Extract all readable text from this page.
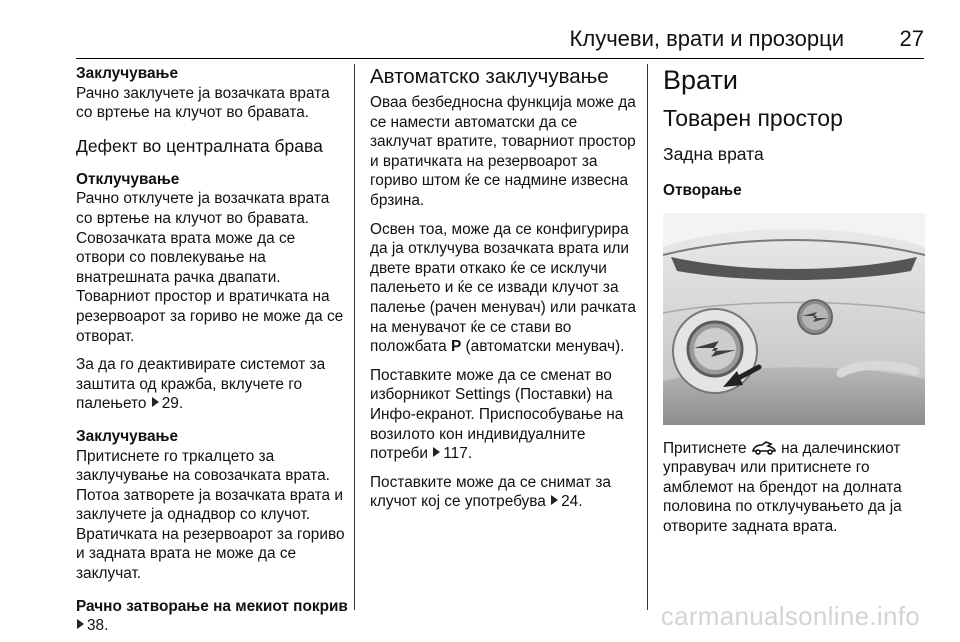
Клучеви, врати и прозорци	27

Заклучување

Рачно заклучете ја возачката врата со вртење на клучот во бравата.

Дефект во централната брава

Отклучување

Рачно отклучете ја возачката врата со вртење на клучот во бравата. Совозачката врата може да се отвори со повлекување на внатрешната рачка двапати. Товарниот простор и вратичката на резервоарот за гориво не може да се отворат.

За да го деактивирате системот за заштита од кражба, вклучете го палењето 29.

Заклучување

Притиснете го тркалцето за заклучување на совозачката врата. Потоа затворете ја возачката врата и заклучете ја однадвор со клучот. Вратичката на резервоарот за гориво и задната врата не може да се заклучат.

Рачно затворање на мекиот покрив

38.

Автоматско заклучување

Оваа безбедносна функција може да се намести автоматски да се заклучат вратите, товарниот простор и вратичката на резервоарот за гориво штом ќе се надмине извесна брзина.

Освен тоа, може да се конфигурира да ја отклучува возачката врата или двете врати откако ќе се исклучи палењето и ќе се извади клучот за палење (рачен менувач) или рачката на менувачот ќе се стави во положбата P (автоматски менувач).

Поставките може да се сменат во изборникот Settings (Поставки) на Инфо-екранот. Приспособување на возилото кон индивидуалните потреби 117.

Поставките може да се снимат за клучот кој се употребува 24.

Врати

Товарен простор

Задна врата

Отворање

Притиснете на далечинскиот управувач или притиснете го амблемот на брендот на долната половина по отклучувањето да ја отворите задната врата.

carmanualsonline.info
